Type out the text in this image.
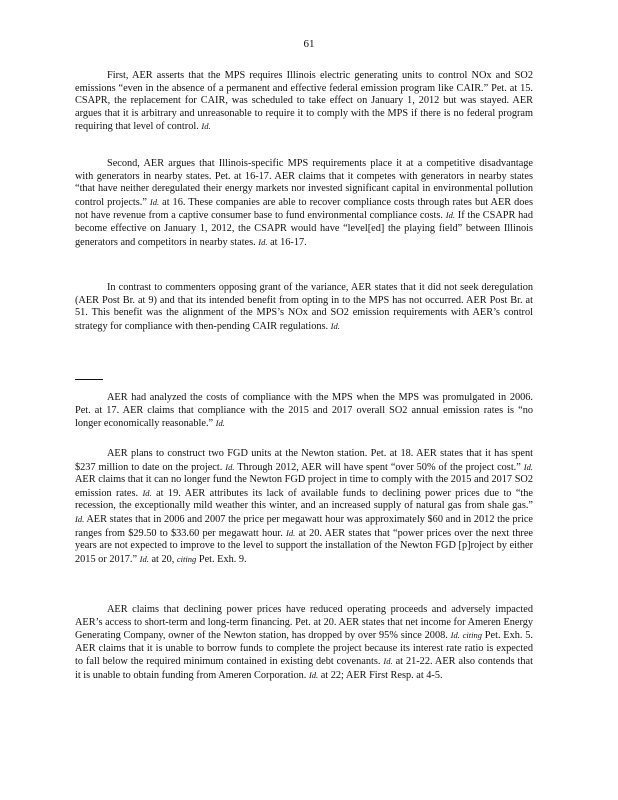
61

First, AER asserts that the MPS requires Illinois electric generating units to control NOx and SO2 emissions “even in the absence of a permanent and effective federal emission program like CAIR.” Pet. at 15. CSAPR, the replacement for CAIR, was scheduled to take effect on January 1, 2012 but was stayed. AER argues that it is arbitrary and unreasonable to require it to comply with the MPS if there is no federal program requiring that level of control. Id.

Second, AER argues that Illinois-specific MPS requirements place it at a competitive disadvantage with generators in nearby states. Pet. at 16-17. AER claims that it competes with generators in nearby states “that have neither deregulated their energy markets nor invested significant capital in environmental pollution control projects.” Id. at 16. These companies are able to recover compliance costs through rates but AER does not have revenue from a captive consumer base to fund environmental compliance costs. Id. If the CSAPR had become effective on January 1, 2012, the CSAPR would have “level[ed] the playing field” between Illinois generators and competitors in nearby states. Id. at 16-17.

In contrast to commenters opposing grant of the variance, AER states that it did not seek deregulation (AER Post Br. at 9) and that its intended benefit from opting in to the MPS has not occurred. AER Post Br. at 51. This benefit was the alignment of the MPS’s NOx and SO2 emission requirements with AER’s control strategy for compliance with then-pending CAIR regulations. Id.

AER had analyzed the costs of compliance with the MPS when the MPS was promulgated in 2006. Pet. at 17. AER claims that compliance with the 2015 and 2017 overall SO2 annual emission rates is “no longer economically reasonable.” Id.

AER plans to construct two FGD units at the Newton station. Pet. at 18. AER states that it has spent $237 million to date on the project. Id. Through 2012, AER will have spent “over 50% of the project cost.” Id. AER claims that it can no longer fund the Newton FGD project in time to comply with the 2015 and 2017 SO2 emission rates. Id. at 19. AER attributes its lack of available funds to declining power prices due to “the recession, the exceptionally mild weather this winter, and an increased supply of natural gas from shale gas.” Id. AER states that in 2006 and 2007 the price per megawatt hour was approximately $60 and in 2012 the price ranges from $29.50 to $33.60 per megawatt hour. Id. at 20. AER states that “power prices over the next three years are not expected to improve to the level to support the installation of the Newton FGD [p]roject by either 2015 or 2017.” Id. at 20, citing Pet. Exh. 9.

AER claims that declining power prices have reduced operating proceeds and adversely impacted AER’s access to short-term and long-term financing. Pet. at 20. AER states that net income for Ameren Energy Generating Company, owner of the Newton station, has dropped by over 95% since 2008. Id. citing Pet. Exh. 5. AER claims that it is unable to borrow funds to complete the project because its interest rate ratio is expected to fall below the required minimum contained in existing debt covenants. Id. at 21-22. AER also contends that it is unable to obtain funding from Ameren Corporation. Id. at 22; AER First Resp. at 4-5.
